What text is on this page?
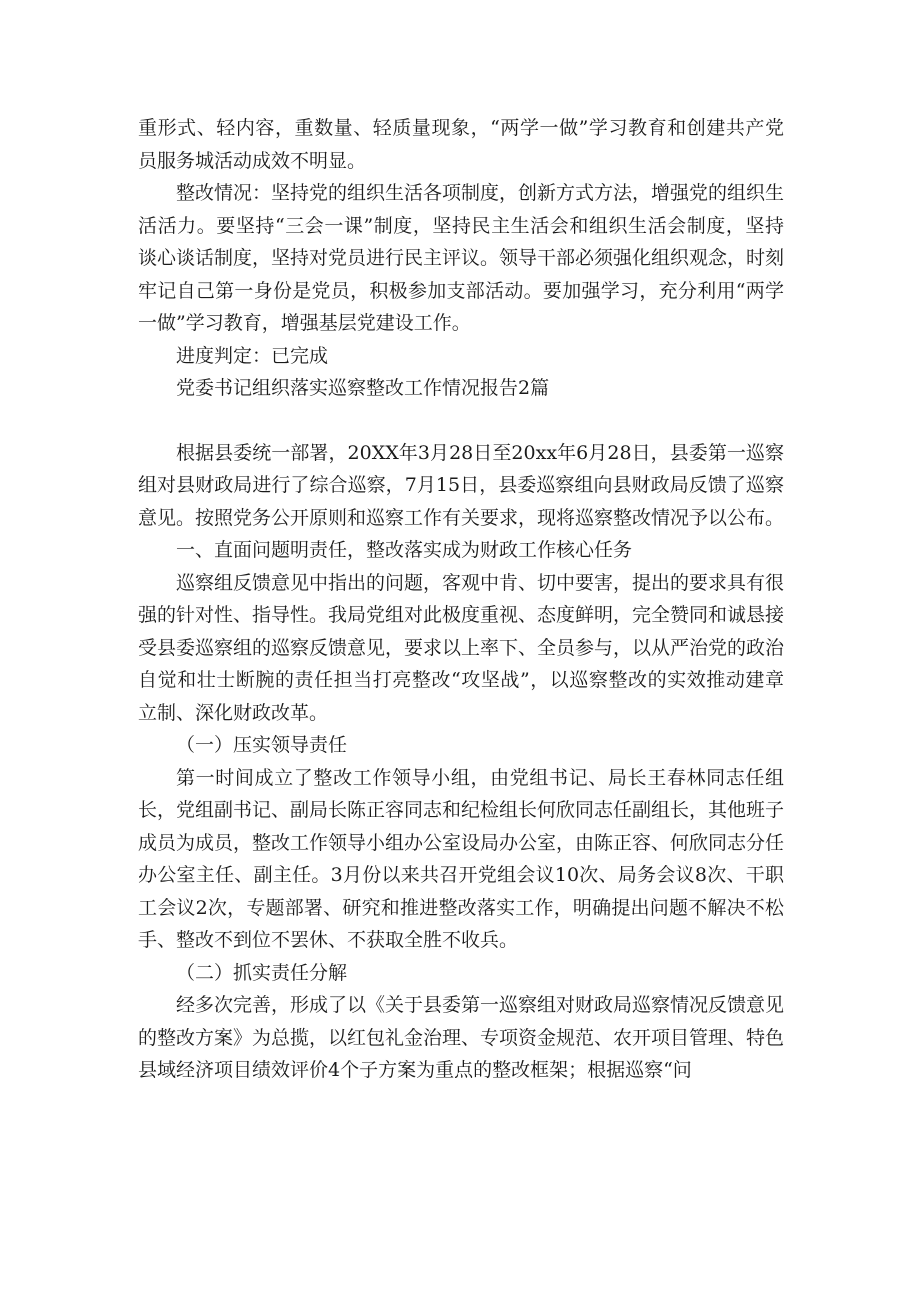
重形式、轻内容，重数量、轻质量现象，“两学一做”学习教育和创建共产党员服务城活动成效不明显。

整改情况：坚持党的组织生活各项制度，创新方式方法，增强党的组织生活活力。要坚持“三会一课”制度，坚持民主生活会和组织生活会制度，坚持谈心谈话制度，坚持对党员进行民主评议。领导干部必须强化组织观念，时刻牢记自己第一身份是党员，积极参加支部活动。要加强学习，充分利用“两学一做”学习教育，增强基层党建设工作。

进度判定：已完成

党委书记组织落实巡察整改工作情况报告2篇

根据县委统一部署，20XX年3月28日至20xx年6月28日，县委第一巡察组对县财政局进行了综合巡察，7月15日，县委巡察组向县财政局反馈了巡察意见。按照党务公开原则和巡察工作有关要求，现将巡察整改情况予以公布。

一、直面问题明责任，整改落实成为财政工作核心任务

巡察组反馈意见中指出的问题，客观中肯、切中要害，提出的要求具有很强的针对性、指导性。我局党组对此极度重视、态度鲜明，完全赞同和诚恳接受县委巡察组的巡察反馈意见，要求以上率下、全员参与，以从严治党的政治自觉和壮士断腕的责任担当打亮整改“攻坚战”，以巡察整改的实效推动建章立制、深化财政改革。

（一）压实领导责任

第一时间成立了整改工作领导小组，由党组书记、局长王春林同志任组长，党组副书记、副局长陈正容同志和纪检组长何欣同志任副组长，其他班子成员为成员，整改工作领导小组办公室设局办公室，由陈正容、何欣同志分任办公室主任、副主任。3月份以来共召开党组会议10次、局务会议8次、干职工会议2次，专题部署、研究和推进整改落实工作，明确提出问题不解决不松手、整改不到位不罢休、不获取全胜不收兵。

（二）抓实责任分解

经多次完善，形成了以《关于县委第一巡察组对财政局巡察情况反馈意见的整改方案》为总揽，以红包礼金治理、专项资金规范、农开项目管理、特色县域经济项目绩效评价4个子方案为重点的整改框架；根据巡察“问
